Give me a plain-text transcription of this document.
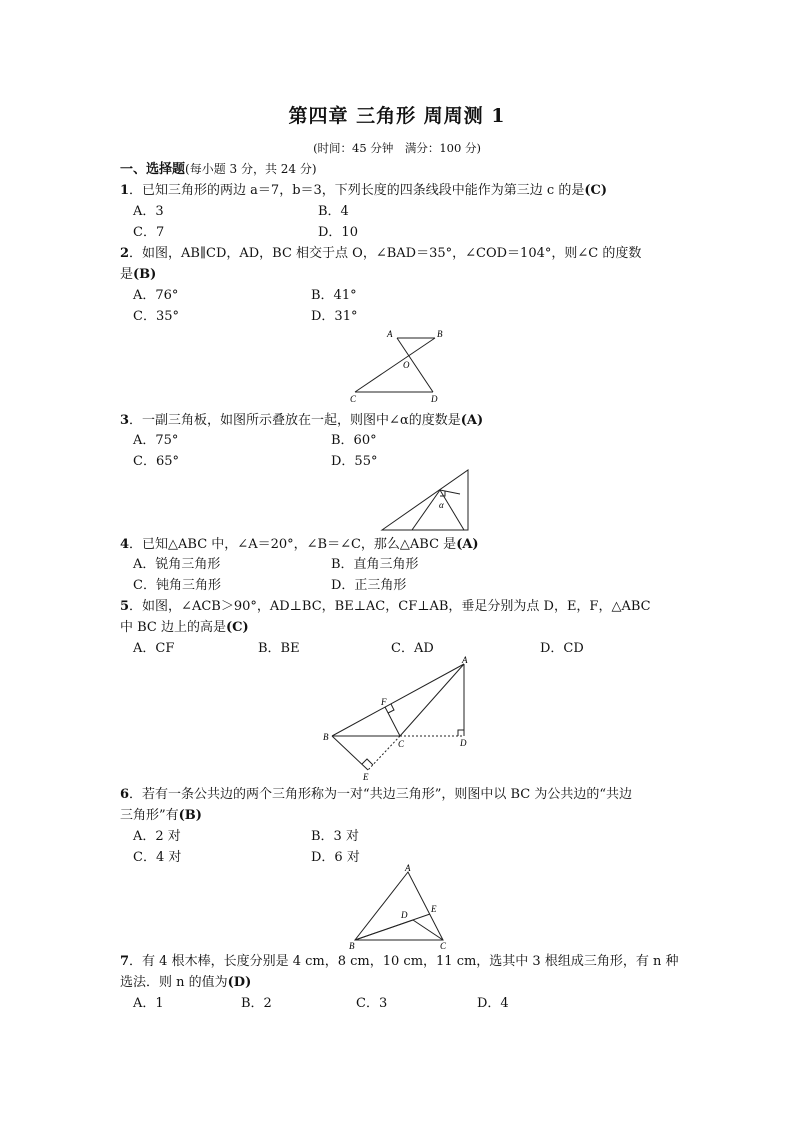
第四章 三角形 周周测 1
(时间：45 分钟　满分：100 分)
一、选择题(每小题 3 分，共 24 分)
1．已知三角形的两边 a＝7，b＝3，下列长度的四条线段中能作为第三边 c 的是(C)
A．3	B．4
C．7	D．10
2．如图，AB∥CD，AD，BC 相交于点 O，∠BAD＝35°，∠COD＝104°，则∠C 的度数
是(B)
A．76°	B．41°
C．35°	D．31°
A	B
O
C	D
3．一副三角板，如图所示叠放在一起，则图中∠α的度数是(A)
A．75°	B．60°
C．65°	D．55°
α
4．已知△ABC 中，∠A＝20°，∠B＝∠C，那么△ABC 是(A)
A．锐角三角形	B．直角三角形
C．钝角三角形	D．正三角形
5．如图，∠ACB＞90°，AD⊥BC，BE⊥AC，CF⊥AB，垂足分别为点 D，E，F，△ABC
中 BC 边上的高是(C)
A．CF	B．BE	C．AD	D．CD
A
F
B
C	D
E
6．若有一条公共边的两个三角形称为一对“共边三角形”，则图中以 BC 为公共边的“共边
三角形”有(B)
A．2 对	B．3 对
C．4 对	D．6 对
A
D
E
B	C
7．有 4 根木棒，长度分别是 4 cm，8 cm，10 cm，11 cm，选其中 3 根组成三角形，有 n 种
选法．则 n 的值为(D)
A．1	B．2	C．3	D．4
